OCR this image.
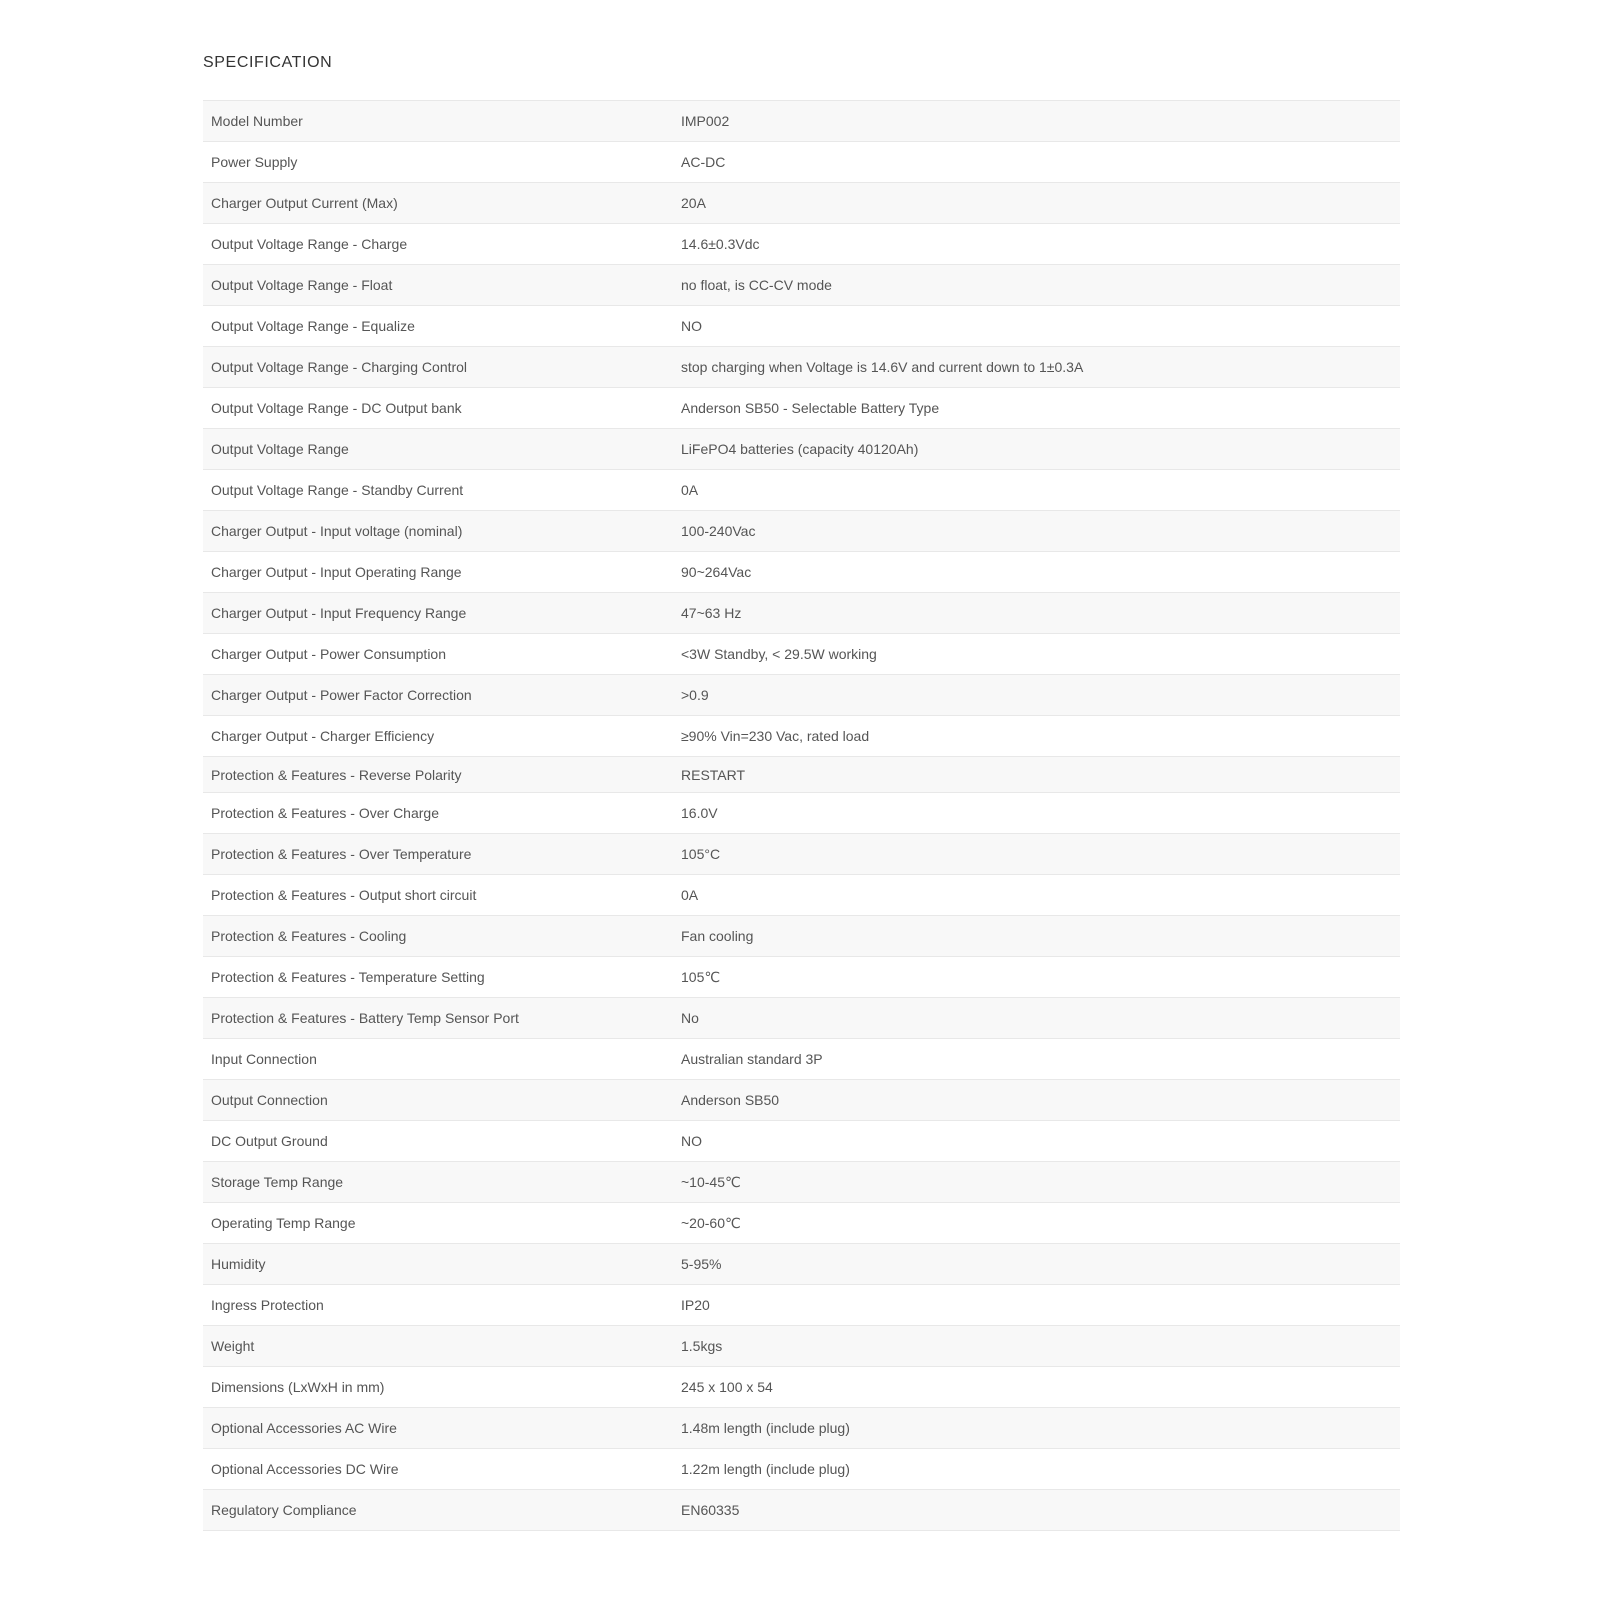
SPECIFICATION
Model Number	IMP002
Power Supply	AC-DC
Charger Output Current (Max)	20A
Output Voltage Range - Charge	14.6±0.3Vdc
Output Voltage Range - Float	no float, is CC-CV mode
Output Voltage Range - Equalize	NO
Output Voltage Range - Charging Control	stop charging when Voltage is 14.6V and current down to 1±0.3A
Output Voltage Range - DC Output bank	Anderson SB50 - Selectable Battery Type
Output Voltage Range	LiFePO4 batteries (capacity 40120Ah)
Output Voltage Range - Standby Current	0A
Charger Output - Input voltage (nominal)	100-240Vac
Charger Output - Input Operating Range	90~264Vac
Charger Output - Input Frequency Range	47~63 Hz
Charger Output - Power Consumption	<3W Standby, < 29.5W working
Charger Output - Power Factor Correction	>0.9
Charger Output - Charger Efficiency	≥90% Vin=230 Vac, rated load
Protection & Features - Reverse Polarity	RESTART
Protection & Features - Over Charge	16.0V
Protection & Features - Over Temperature	105°C
Protection & Features - Output short circuit	0A
Protection & Features - Cooling	Fan cooling
Protection & Features - Temperature Setting	105℃
Protection & Features - Battery Temp Sensor Port	No
Input Connection	Australian standard 3P
Output Connection	Anderson SB50
DC Output Ground	NO
Storage Temp Range	~10-45℃
Operating Temp Range	~20-60℃
Humidity	5-95%
Ingress Protection	IP20
Weight	1.5kgs
Dimensions (LxWxH in mm)	245 x 100 x 54
Optional Accessories AC Wire	1.48m length (include plug)
Optional Accessories DC Wire	1.22m length (include plug)
Regulatory Compliance	EN60335
